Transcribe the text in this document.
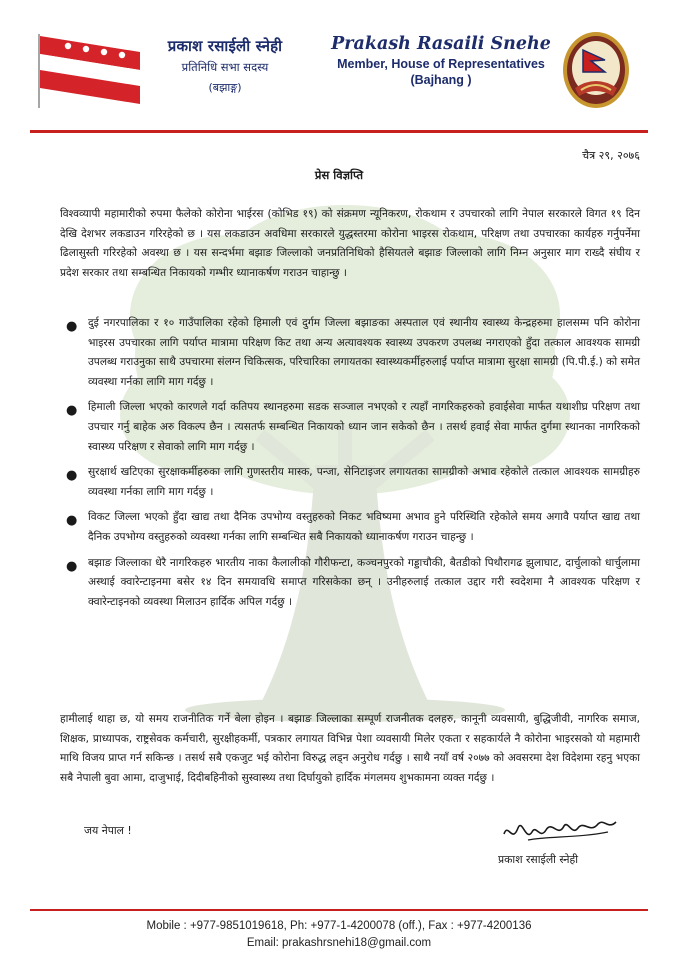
प्रकाश रसाईली स्नेही
प्रतिनिधि सभा सदस्य
(बझाङ्ग)
Prakash Rasaili Snehe
Member, House of Representatives
(Bajhang )
चैत्र २९, २०७६
प्रेस विज्ञप्ति
विश्वव्यापी महामारीको रुपमा फैलेको कोरोना भाईरस (कोभिड १९) को संक्रमण न्यूनिकरण, रोकथाम र उपचारको लागि नेपाल सरकारले विगत १९ दिन देखि देशभर लकडाउन गरिरहेको छ । यस लकडाउन अवधिमा सरकारले युद्धस्तरमा कोरोना भाइरस रोकथाम, परिक्षण तथा उपचारका कार्यहरु गर्नुपर्नेमा ढिलासुस्ती गरिरहेको अवस्था छ । यस सन्दर्भमा बझाङ जिल्लाको जनप्रतिनिधिको हैसियतले बझाङ जिल्लाको लागि निम्न अनुसार माग राख्दै संघीय र प्रदेश सरकार तथा सम्बन्धित निकायको गम्भीर ध्यानाकर्षण गराउन चाहान्छु ।
● दुई नगरपालिका र १० गाउँपालिका रहेको हिमाली एवं दुर्गम जिल्ला बझाङका अस्पताल एवं स्थानीय स्वास्थ्य केन्द्रहरुमा हालसम्म पनि कोरोना भाइरस उपचारका लागि पर्याप्त मात्रामा परिक्षण किट तथा अन्य अत्यावश्यक स्वास्थ्य उपकरण उपलब्ध नगराएको हुँदा तत्काल आवश्यक सामग्री उपलब्ध गराउनुका साथै उपचारमा संलग्न चिकित्सक, परिचारिका लगायतका स्वास्थ्यकर्मीहरुलाई पर्याप्त मात्रामा सुरक्षा सामग्री (पि.पी.ई.) को समेत व्यवस्था गर्नका लागि माग गर्दछु ।
● हिमाली जिल्ला भएको कारणले गर्दा कतिपय स्थानहरुमा सडक सञ्जाल नभएको र त्यहाँ नागरिकहरुको हवाईसेवा मार्फत यथाशीघ्र परिक्षण तथा उपचार गर्नु बाहेक अरु विकल्प छैन । त्यसतर्फ सम्बन्धित निकायको ध्यान जान सकेको छैन । तसर्थ हवाई सेवा मार्फत दुर्गमा स्थानका नागरिकको स्वास्थ्य परिक्षण र सेवाको लागि माग गर्दछु ।
● सुरक्षार्थ खटिएका सुरक्षाकर्मीहरुका लागि गुणस्तरीय मास्क, पन्जा, सेनिटाइजर लगायतका सामग्रीको अभाव रहेकोले तत्काल आवश्यक सामग्रीहरु व्यवस्था गर्नका लागि माग गर्दछु ।
● विकट जिल्ला भएको हुँदा खाद्य तथा दैनिक उपभोग्य वस्तुहरुको निकट भविष्यमा अभाव हुने परिस्थिति रहेकोले समय अगावै पर्याप्त खाद्य तथा दैनिक उपभोग्य वस्तुहरुको व्यवस्था गर्नका लागि सम्बन्धित सबै निकायको ध्यानाकर्षण गराउन चाहन्छु ।
● बझाङ जिल्लाका धेरै नागरिकहरु भारतीय नाका कैलालीको गौरीफन्टा, कञ्चनपुरको गड्डाचौकी, बैतडीको पिथौरागढ झुलाघाट, दार्चुलाको धार्चुलामा अस्थाई क्वारेन्टाइनमा बसेर १४ दिन समयावधि समाप्त गरिसकेका छन् । उनीहरुलाई तत्काल उद्दार गरी स्वदेशमा नै आवश्यक परिक्षण र क्वारेन्टाइनको व्यवस्था मिलाउन हार्दिक अपिल गर्दछु ।
हामीलाई थाहा छ, यो समय राजनीतिक गर्ने बेला होइन । बझाङ जिल्लाका सम्पूर्ण राजनीतक दलहरु, कानूनी व्यवसायी, बुद्धिजीवी, नागरिक समाज, शिक्षक, प्राध्यापक, राष्ट्रसेवक कर्मचारी, सुरक्षीहकर्मी, पत्रकार लगायत विभिन्न पेशा व्यवसायी मिलेर एकता र सहकार्यले नै कोरोना भाइरसको यो महामारी माथि विजय प्राप्त गर्न सकिन्छ । तसर्थ सबै एकजुट भई कोरोना विरुद्ध लड्न अनुरोध गर्दछु । साथै नयाँ वर्ष २०७७ को अवसरमा देश विदेशमा रहनु भएका सबै नेपाली बुवा आमा, दाजुभाई, दिदीबहिनीको सुस्वास्थ्य तथा दिर्घायुको हार्दिक मंगलमय शुभकामना व्यक्त गर्दछु ।
जय नेपाल !
प्रकाश रसाईली स्नेही
Mobile : +977-9851019618, Ph: +977-1-4200078 (off.), Fax : +977-4200136
Email: prakashrsnehi18@gmail.com
